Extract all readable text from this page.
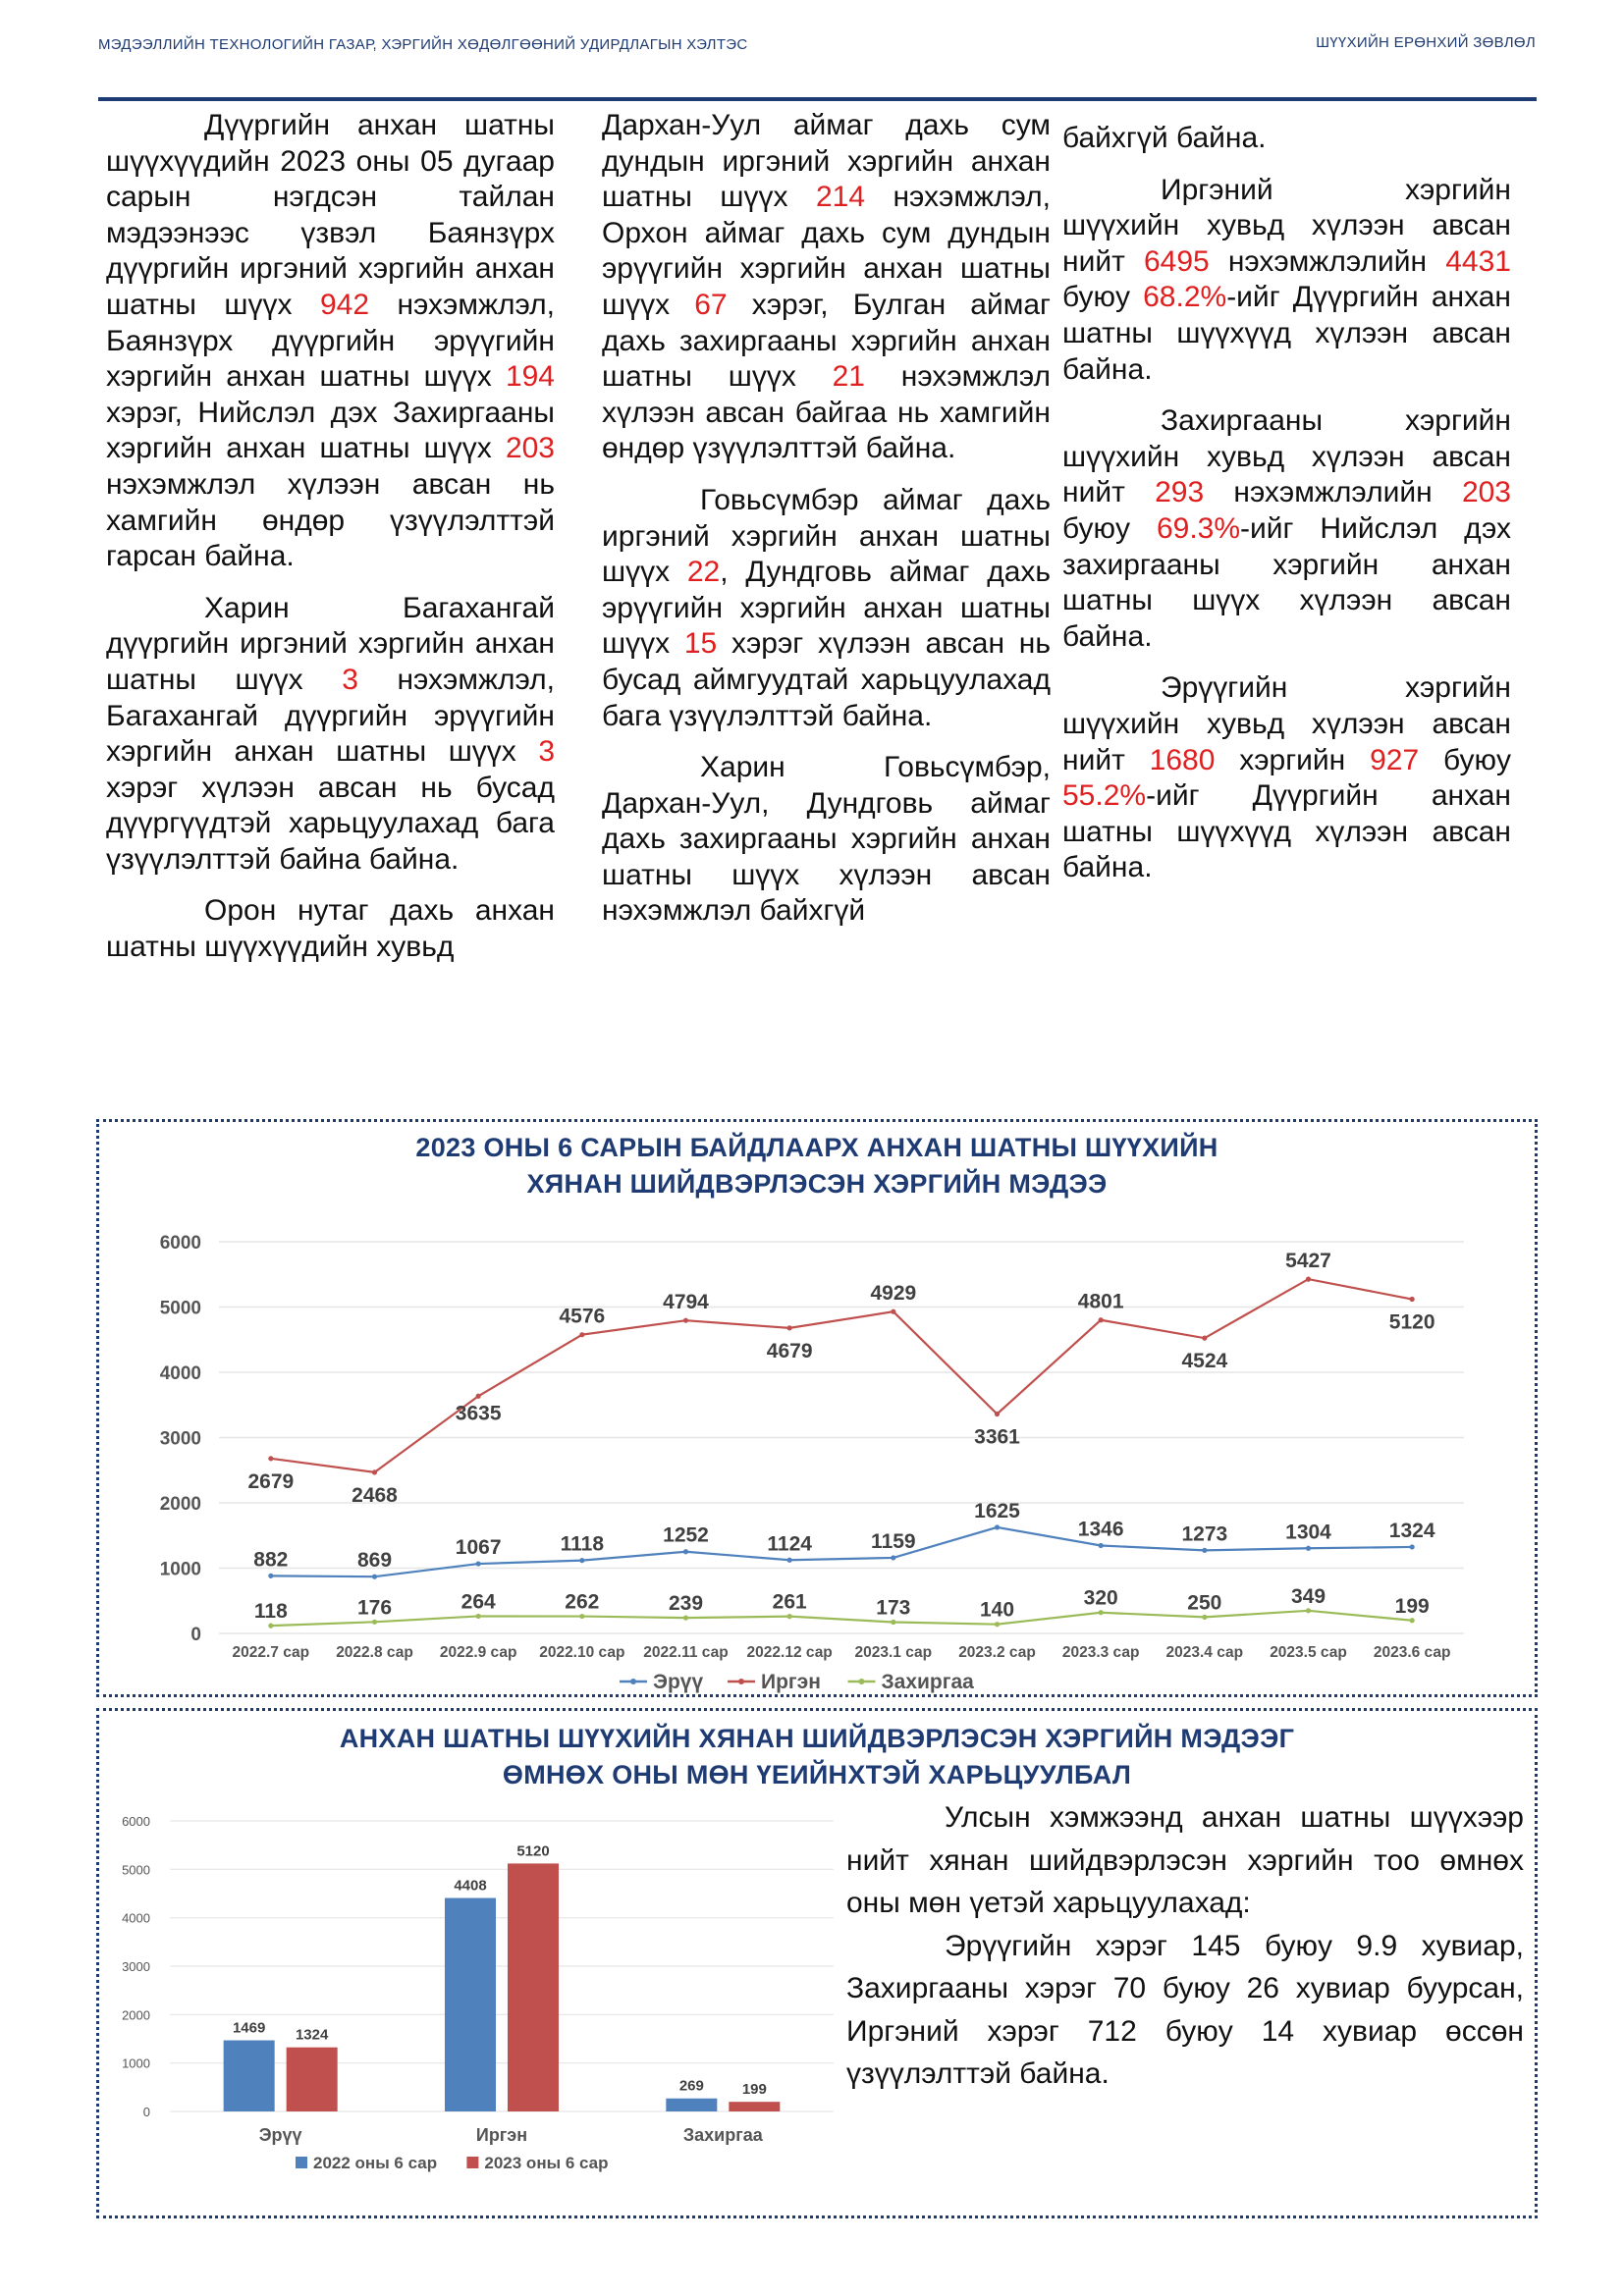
МЭДЭЭЛЛИЙН ТЕХНОЛОГИЙН ГАЗАР, ХЭРГИЙН ХӨДӨЛГӨӨНИЙ УДИРДЛАГЫН ХЭЛТЭС	ШҮҮХИЙН ЕРӨНХИЙ ЗӨВЛӨЛ

Дүүргийн анхан шатны шүүхүүдийн 2023 оны 05 дугаар сарын нэгдсэн тайлан мэдээнээс үзвэл Баянзүрх дүүргийн иргэний хэргийн анхан шатны шүүх 942 нэхэмжлэл, Баянзүрх дүүргийн эрүүгийн хэргийн анхан шатны шүүх 194 хэрэг, Нийслэл дэх Захиргааны хэргийн анхан шатны шүүх 203 нэхэмжлэл хүлээн авсан нь хамгийн өндөр үзүүлэлттэй гарсан байна.

Харин Багахангай дүүргийн иргэний хэргийн анхан шатны шүүх 3 нэхэмжлэл, Багахангай дүүргийн эрүүгийн хэргийн анхан шатны шүүх 3 хэрэг хүлээн авсан нь бусад дүүргүүдтэй харьцуулахад бага үзүүлэлттэй байна байна.

Орон нутаг дахь анхан шатны шүүхүүдийн хувьд

Дархан-Уул аймаг дахь сум дундын иргэний хэргийн анхан шатны шүүх 214 нэхэмжлэл, Орхон аймаг дахь сум дундын эрүүгийн хэргийн анхан шатны шүүх 67 хэрэг, Булган аймаг дахь захиргааны хэргийн анхан шатны шүүх 21 нэхэмжлэл хүлээн авсан байгаа нь хамгийн өндөр үзүүлэлттэй байна.

Говьсүмбэр аймаг дахь иргэний хэргийн анхан шатны шүүх 22, Дундговь аймаг дахь эрүүгийн хэргийн анхан шатны шүүх 15 хэрэг хүлээн авсан нь бусад аймгуудтай харьцуулахад бага үзүүлэлттэй байна.

Харин Говьсүмбэр, Дархан-Уул, Дундговь аймаг дахь захиргааны хэргийн анхан шатны шүүх хүлээн авсан нэхэмжлэл байхгүй

байхгүй байна.

Иргэний хэргийн шүүхийн хувьд хүлээн авсан нийт 6495 нэхэмжлэлийн 4431 буюу 68.2%-ийг Дүүргийн анхан шатны шүүхүүд хүлээн авсан байна.

Захиргааны хэргийн шүүхийн хувьд хүлээн авсан нийт 293 нэхэмжлэлийн 203 буюу 69.3%-ийг Нийслэл дэх захиргааны хэргийн анхан шатны шүүх хүлээн авсан байна.

Эрүүгийн хэргийн шүүхийн хувьд хүлээн авсан нийт 1680 хэргийн 927 буюу 55.2%-ийг Дүүргийн анхан шатны шүүхүүд хүлээн авсан байна.

2023 ОНЫ 6 САРЫН БАЙДЛААРХ АНХАН ШАТНЫ ШҮҮХИЙН
ХЯНАН ШИЙДВЭРЛЭСЭН ХЭРГИЙН МЭДЭЭ
0
1000
2000
3000
4000
5000
6000
2022.7 сар 2022.8 сар 2022.9 сар 2022.10 сар 2022.11 сар 2022.12 сар 2023.1 сар 2023.2 сар 2023.3 сар 2023.4 сар 2023.5 сар 2023.6 сар
882	869
1067	1118	1252	1124	1159
1625
1346	1273	1304	1324
2679
2468
3635
4576
4794
4679
4929
3361
4801
4524
5427
5120
118	176	264	262	239	261	173	140
320	250	349	199
Эрүү	Иргэн	Захиргаа
АНХАН ШАТНЫ ШҮҮХИЙН ХЯНАН ШИЙДВЭРЛЭСЭН ХЭРГИЙН МЭДЭЭГ
ӨМНӨХ ОНЫ МӨН ҮЕИЙНХТЭЙ ХАРЬЦУУЛБАЛ
0
1000
2000
3000
4000
5000
6000
1469 1324
Эрүү
4408
5120
Иргэн
269	199
Захиргаа
2022 оны 6 сар	2023 оны 6 сар

Улсын хэмжээнд анхан шатны шүүхээр нийт хянан шийдвэрлэсэн хэргийн тоо өмнөх оны мөн үетэй харьцуулахад:

Эрүүгийн хэрэг 145 буюу 9.9 хувиар, Захиргааны хэрэг 70 буюу 26 хувиар буурсан, Иргэний хэрэг 712 буюу 14 хувиар өссөн үзүүлэлттэй байна.
